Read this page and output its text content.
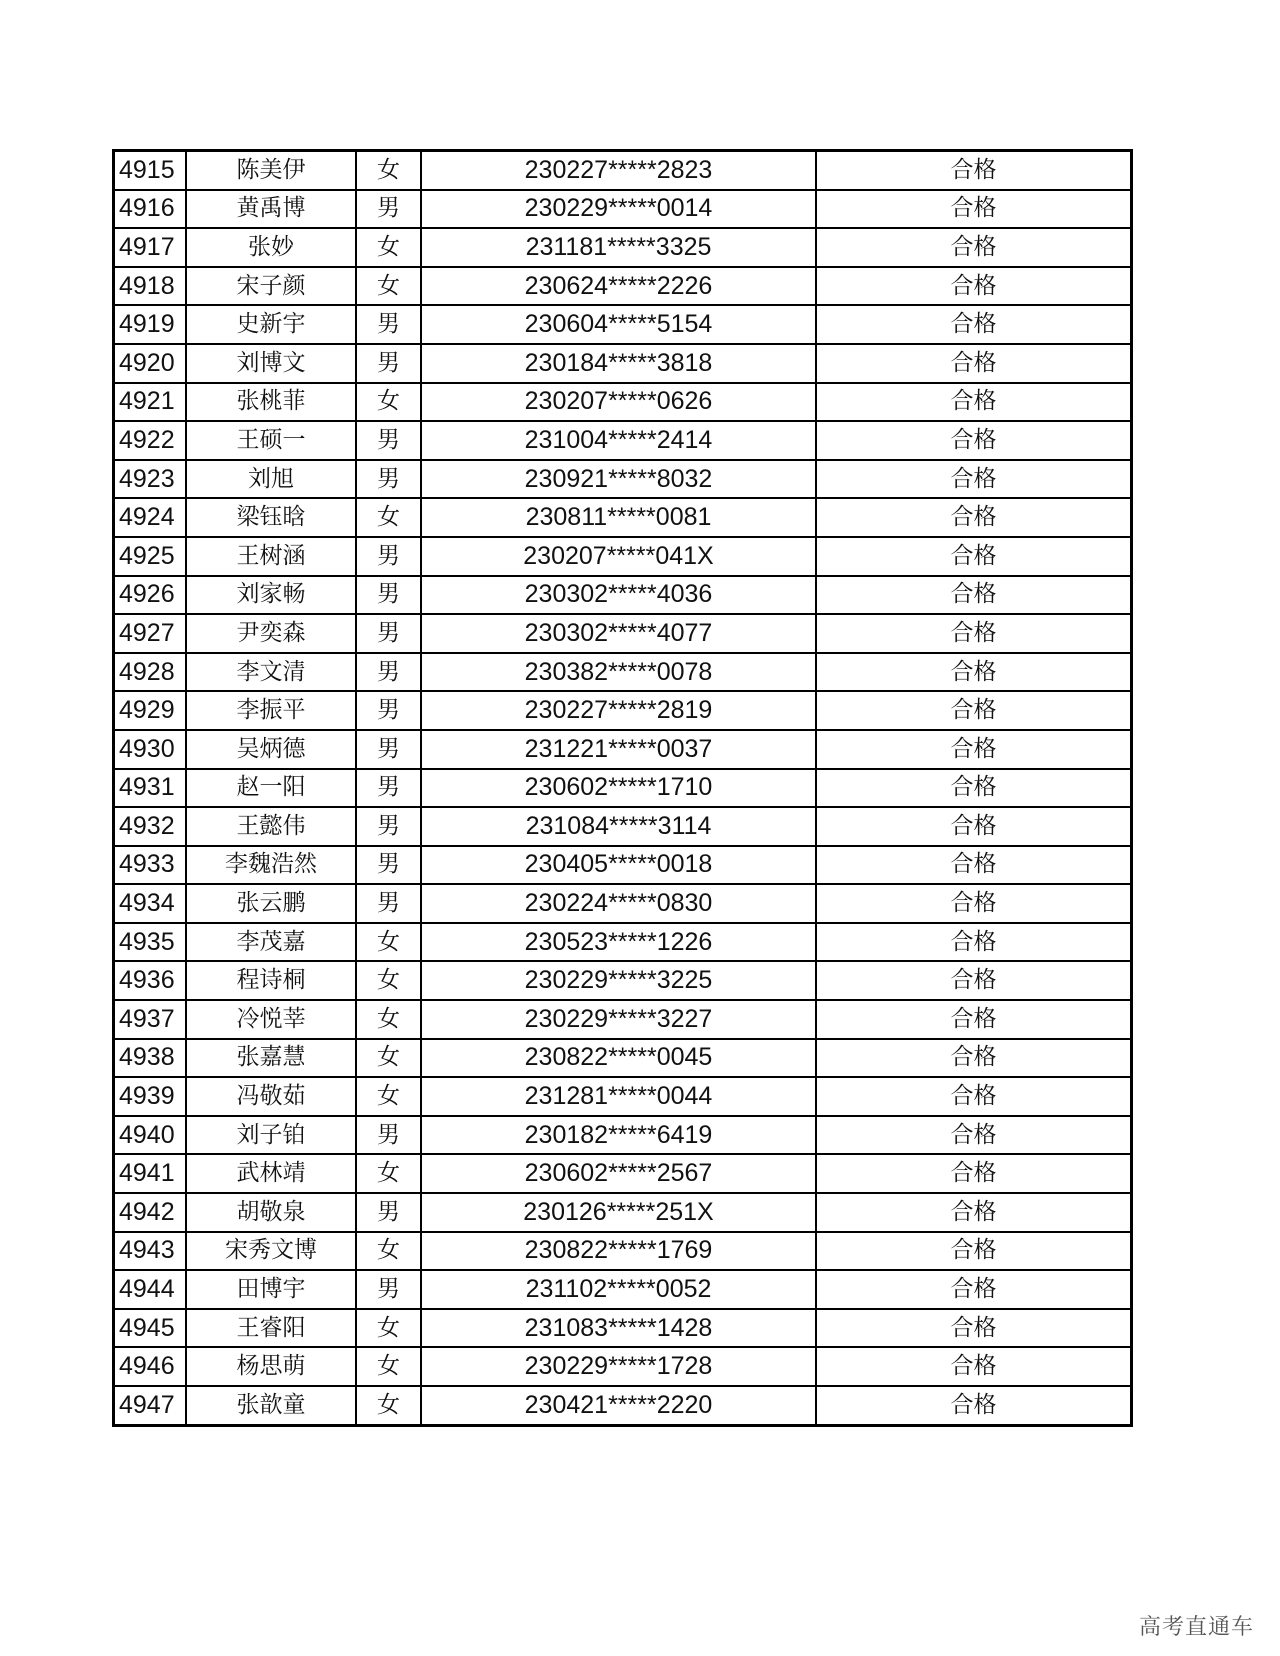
4915	陈美伊	女	230227*****2823	合格
4916	黄禹博	男	230229*****0014	合格
4917	张妙	女	231181*****3325	合格
4918	宋子颜	女	230624*****2226	合格
4919	史新宇	男	230604*****5154	合格
4920	刘博文	男	230184*****3818	合格
4921	张桃菲	女	230207*****0626	合格
4922	王硕一	男	231004*****2414	合格
4923	刘旭	男	230921*****8032	合格
4924	梁钰晗	女	230811*****0081	合格
4925	王树涵	男	230207*****041X	合格
4926	刘家畅	男	230302*****4036	合格
4927	尹奕森	男	230302*****4077	合格
4928	李文清	男	230382*****0078	合格
4929	李振平	男	230227*****2819	合格
4930	吴炳德	男	231221*****0037	合格
4931	赵一阳	男	230602*****1710	合格
4932	王懿伟	男	231084*****3114	合格
4933	李魏浩然	男	230405*****0018	合格
4934	张云鹏	男	230224*****0830	合格
4935	李茂嘉	女	230523*****1226	合格
4936	程诗桐	女	230229*****3225	合格
4937	冷悦莘	女	230229*****3227	合格
4938	张嘉慧	女	230822*****0045	合格
4939	冯敬茹	女	231281*****0044	合格
4940	刘子铂	男	230182*****6419	合格
4941	武林靖	女	230602*****2567	合格
4942	胡敬泉	男	230126*****251X	合格
4943	宋秀文博	女	230822*****1769	合格
4944	田博宇	男	231102*****0052	合格
4945	王睿阳	女	231083*****1428	合格
4946	杨思萌	女	230229*****1728	合格
4947	张歆童	女	230421*****2220	合格
高考直通车
